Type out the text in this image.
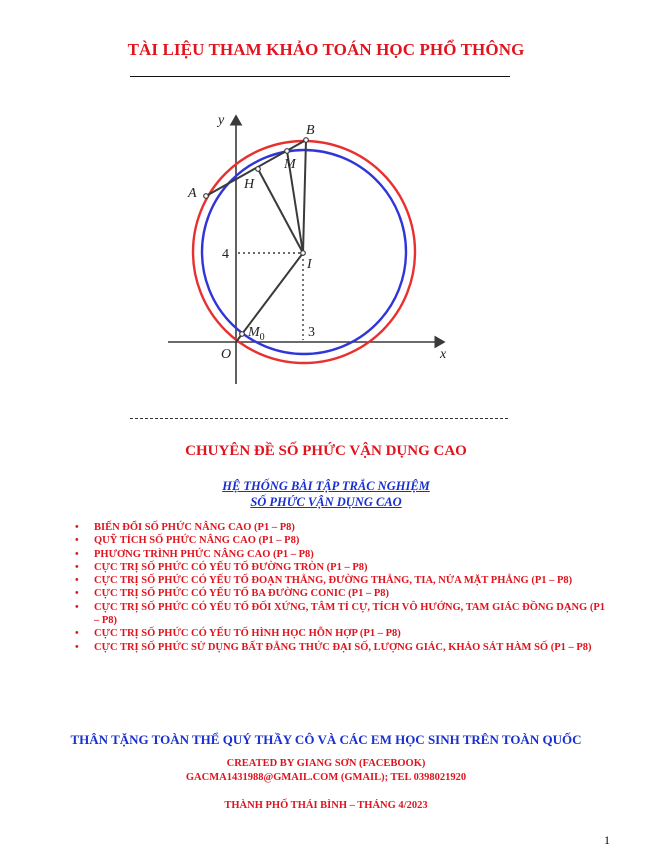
TÀI LIỆU THAM KHẢO TOÁN HỌC PHỔ THÔNG
y
x
O
A
B
H
M
I
$M_0$
4
3
CHUYÊN ĐỀ SỐ PHỨC VẬN DỤNG CAO
HỆ THỐNG BÀI TẬP TRẮC NGHIỆM
SỐ PHỨC VẬN DỤNG CAO
•	BIẾN ĐỔI SỐ PHỨC NÂNG CAO (P1 – P8)
•	QUỸ TÍCH SỐ PHỨC NÂNG CAO (P1 – P8)
•	PHƯƠNG TRÌNH PHỨC NÂNG CAO (P1 – P8)
•	CỰC TRỊ SỐ PHỨC CÓ YẾU TỐ ĐƯỜNG TRÒN (P1 – P8)
•	CỰC TRỊ SỐ PHỨC CÓ YẾU TỐ ĐOẠN THẲNG, ĐƯỜNG THẲNG, TIA, NỬA MẶT PHẲNG (P1 – P8)
•	CỰC TRỊ SỐ PHỨC CÓ YẾU TỐ BA ĐƯỜNG CONIC (P1 – P8)
•	CỰC TRỊ SỐ PHỨC CÓ YẾU TỐ ĐỐI XỨNG, TÂM TỈ CỰ, TÍCH VÔ HƯỚNG, TAM GIÁC ĐỒNG DẠNG (P1 – P8)
•	CỰC TRỊ SỐ PHỨC CÓ YẾU TỐ HÌNH HỌC HỖN HỢP (P1 – P8)
•	CỰC TRỊ SỐ PHỨC SỬ DỤNG BẤT ĐẲNG THỨC ĐẠI SỐ, LƯỢNG GIÁC, KHẢO SÁT HÀM SỐ (P1 – P8)
THÂN TẶNG TOÀN THỂ QUÝ THẦY CÔ VÀ CÁC EM HỌC SINH TRÊN TOÀN QUỐC
CREATED BY GIANG SƠN (FACEBOOK)
GACMA1431988@GMAIL.COM (GMAIL); TEL 0398021920
THÀNH PHỐ THÁI BÌNH – THÁNG 4/2023
1
